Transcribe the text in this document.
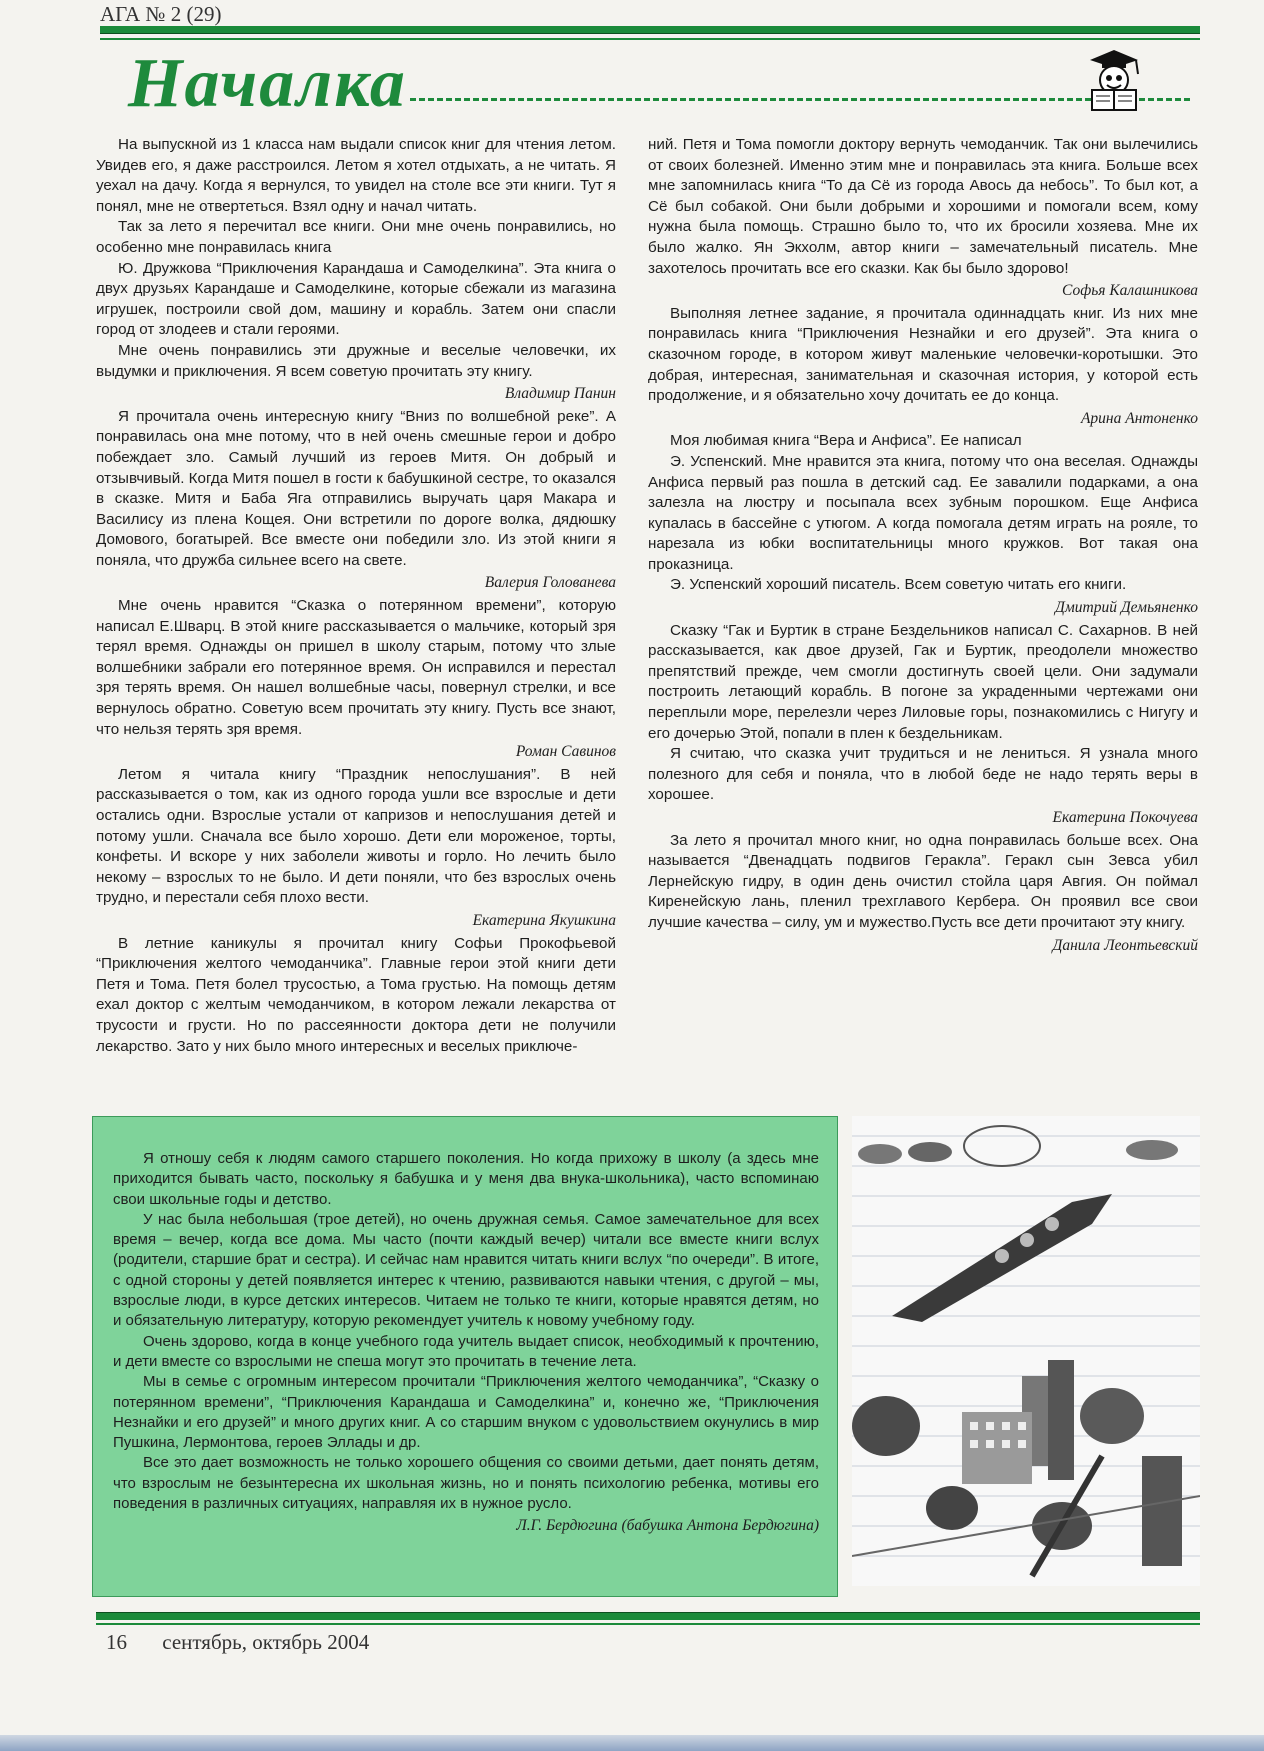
АГА № 2 (29)
Началка

На выпускной из 1 класса нам выдали список книг для чтения летом. Увидев его, я даже расстроился. Летом я хотел отдыхать, а не читать. Я уехал на дачу. Когда я вернулся, то увидел на столе все эти книги. Тут я понял, мне не отвертеться. Взял одну и начал читать.

Так за лето я перечитал все книги. Они мне очень понравились, но особенно мне понравилась книга

Ю. Дружкова “Приключения Карандаша и Самоделкина”. Эта книга о двух друзьях Карандаше и Самоделкине, которые сбежали из магазина игрушек, построили свой дом, машину и корабль. Затем они спасли город от злодеев и стали героями.

Мне очень понравились эти дружные и веселые человечки, их выдумки и приключения. Я всем советую прочитать эту книгу.

Владимир Панин

Я прочитала очень интересную книгу “Вниз по волшебной реке”. А понравилась она мне потому, что в ней очень смешные герои и добро побеждает зло. Самый лучший из героев Митя. Он добрый и отзывчивый. Когда Митя пошел в гости к бабушкиной сестре, то оказался в сказке. Митя и Баба Яга отправились выручать царя Макара и Василису из плена Кощея. Они встретили по дороге волка, дядюшку Домового, богатырей. Все вместе они победили зло. Из этой книги я поняла, что дружба сильнее всего на свете.

Валерия Голованева

Мне очень нравится “Сказка о потерянном времени”, которую написал Е.Шварц. В этой книге рассказывается о мальчике, который зря терял время. Однажды он пришел в школу старым, потому что злые волшебники забрали его потерянное время. Он исправился и перестал зря терять время. Он нашел волшебные часы, повернул стрелки, и все вернулось обратно. Советую всем прочитать эту книгу. Пусть все знают, что нельзя терять зря время.

Роман Савинов

Летом я читала книгу “Праздник непослушания”. В ней рассказывается о том, как из одного города ушли все взрослые и дети остались одни. Взрослые устали от капризов и непослушания детей и потому ушли. Сначала все было хорошо. Дети ели мороженое, торты, конфеты. И вскоре у них заболели животы и горло. Но лечить было некому – взрослых то не было. И дети поняли, что без взрослых очень трудно, и перестали себя плохо вести.

Екатерина Якушкина

В летние каникулы я прочитал книгу Софьи Прокофьевой “Приключения желтого чемоданчика”. Главные герои этой книги дети Петя и Тома. Петя болел трусостью, а Тома грустью. На помощь детям ехал доктор с желтым чемоданчиком, в котором лежали лекарства от трусости и грусти. Но по рассеянности доктора дети не получили лекарство. Зато у них было много интересных и веселых приключе-

ний. Петя и Тома помогли доктору вернуть чемоданчик. Так они вылечились от своих болезней. Именно этим мне и понравилась эта книга. Больше всех мне запомнилась книга “То да Сё из города Авось да небось”. То был кот, а Сё был собакой. Они были добрыми и хорошими и помогали всем, кому нужна была помощь. Страшно было то, что их бросили хозяева. Мне их было жалко. Ян Экхолм, автор книги – замечательный писатель. Мне захотелось прочитать все его сказки. Как бы было здорово!

Софья Калашникова

Выполняя летнее задание, я прочитала одиннадцать книг. Из них мне понравилась книга “Приключения Незнайки и его друзей”. Эта книга о сказочном городе, в котором живут маленькие человечки-коротышки. Это добрая, интересная, занимательная и сказочная история, у которой есть продолжение, и я обязательно хочу дочитать ее до конца.

Арина Антоненко

Моя любимая книга “Вера и Анфиса”. Ее написал

Э. Успенский. Мне нравится эта книга, потому что она веселая. Однажды Анфиса первый раз пошла в детский сад. Ее завалили подарками, а она залезла на люстру и посыпала всех зубным порошком. Еще Анфиса купалась в бассейне с утюгом. А когда помогала детям играть на рояле, то нарезала из юбки воспитательницы много кружков. Вот такая она проказница.

Э. Успенский хороший писатель. Всем советую читать его книги.

Дмитрий Демьяненко

Сказку “Гак и Буртик в стране Бездельников написал С. Сахарнов. В ней рассказывается, как двое друзей, Гак и Буртик, преодолели множество препятствий прежде, чем смогли достигнуть своей цели. Они задумали построить летающий корабль. В погоне за украденными чертежами они переплыли море, перелезли через Лиловые горы, познакомились с Нигугу и его дочерью Этой, попали в плен к бездельникам.

Я считаю, что сказка учит трудиться и не лениться. Я узнала много полезного для себя и поняла, что в любой беде не надо терять веры в хорошее.

Екатерина Покочуева

За лето я прочитал много книг, но одна понравилась больше всех. Она называется “Двенадцать подвигов Геракла”. Геракл сын Зевса убил Лернейскую гидру, в один день очистил стойла царя Авгия. Он поймал Киренейскую лань, пленил трехглавого Кербера. Он проявил все свои лучшие качества – силу, ум и мужество.Пусть все дети прочитают эту книгу.

Данила Леонтьевский

Я отношу себя к людям самого старшего поколения. Но когда прихожу в школу (а здесь мне приходится бывать часто, поскольку я бабушка и у меня два внука-школьника), часто вспоминаю свои школьные годы и детство.

У нас была небольшая (трое детей), но очень дружная семья. Самое замечательное для всех время – вечер, когда все дома. Мы часто (почти каждый вечер) читали все вместе книги вслух (родители, старшие брат и сестра). И сейчас нам нравится читать книги вслух “по очереди”. В итоге, с одной стороны у детей появляется интерес к чтению, развиваются навыки чтения, с другой – мы, взрослые люди, в курсе детских интересов. Читаем не только те книги, которые нравятся детям, но и обязательную литературу, которую рекомендует учитель к новому учебному году.

Очень здорово, когда в конце учебного года учитель выдает список, необходимый к прочтению, и дети вместе со взрослыми не спеша могут это прочитать в течение лета.

Мы в семье с огромным интересом прочитали “Приключения желтого чемоданчика”, “Сказку о потерянном времени”, “Приключения Карандаша и Самоделкина” и, конечно же, “Приключения Незнайки и его друзей” и много других книг. А со старшим внуком с удовольствием окунулись в мир Пушкина, Лермонтова, героев Эллады и др.

Все это дает возможность не только хорошего общения со своими детьми, дает понять детям, что взрослым не безынтересна их школьная жизнь, но и понять психологию ребенка, мотивы его поведения в различных ситуациях, направляя их в нужное русло.

Л.Г. Бердюгина (бабушка Антона Бердюгина)
16 сентябрь, октябрь 2004
